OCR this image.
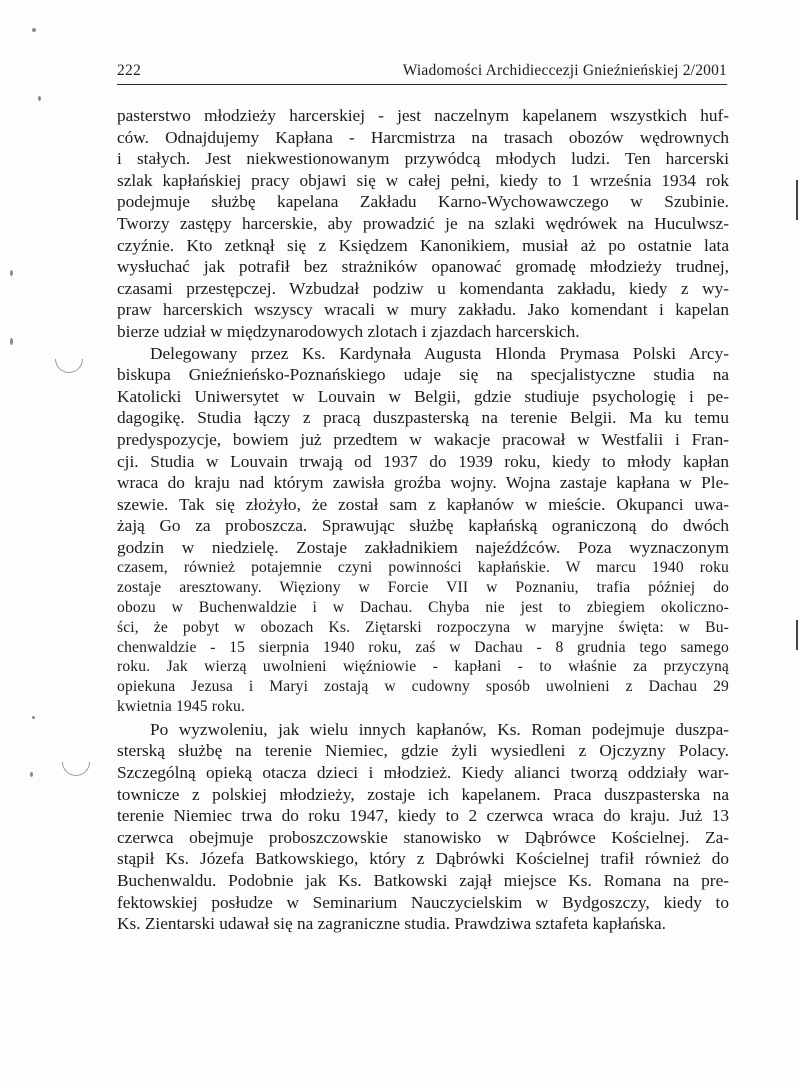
222	Wiadomości Archidieccezji Gnieźnieńskiej 2/2001
pasterstwo młodzieży harcerskiej - jest naczelnym kapelanem wszystkich huf-
ców. Odnajdujemy Kapłana - Harcmistrza na trasach obozów wędrownych
i stałych. Jest niekwestionowanym przywódcą młodych ludzi. Ten harcerski
szlak kapłańskiej pracy objawi się w całej pełni, kiedy to 1 września 1934 rok
podejmuje służbę kapelana Zakładu Karno-Wychowawczego w Szubinie.
Tworzy zastępy harcerskie, aby prowadzić je na szlaki wędrówek na Huculwsz-
czyźnie. Kto zetknął się z Księdzem Kanonikiem, musiał aż po ostatnie lata
wysłuchać jak potrafił bez strażników opanować gromadę młodzieży trudnej,
czasami przestępczej. Wzbudzał podziw u komendanta zakładu, kiedy z wy-
praw harcerskich wszyscy wracali w mury zakładu. Jako komendant i kapelan
bierze udział w międzynarodowych zlotach i zjazdach harcerskich.
Delegowany przez Ks. Kardynała Augusta Hlonda Prymasa Polski Arcy-
biskupa Gnieźnieńsko-Poznańskiego udaje się na specjalistyczne studia na
Katolicki Uniwersytet w Louvain w Belgii, gdzie studiuje psychologię i pe-
dagogikę. Studia łączy z pracą duszpasterską na terenie Belgii. Ma ku temu
predyspozycje, bowiem już przedtem w wakacje pracował w Westfalii i Fran-
cji. Studia w Louvain trwają od 1937 do 1939 roku, kiedy to młody kapłan
wraca do kraju nad którym zawisła groźba wojny. Wojna zastaje kapłana w Ple-
szewie. Tak się złożyło, że został sam z kapłanów w mieście. Okupanci uwa-
żają Go za proboszcza. Sprawując służbę kapłańską ograniczoną do dwóch
godzin w niedzielę. Zostaje zakładnikiem najeźdźców. Poza wyznaczonym
czasem, również potajemnie czyni powinności kapłańskie. W marcu 1940 roku
zostaje aresztowany. Więziony w Forcie VII w Poznaniu, trafia później do
obozu w Buchenwaldzie i w Dachau. Chyba nie jest to zbiegiem okoliczno-
ści, że pobyt w obozach Ks. Ziętarski rozpoczyna w maryjne święta: w Bu-
chenwaldzie - 15 sierpnia 1940 roku, zaś w Dachau - 8 grudnia tego samego
roku. Jak wierzą uwolnieni więźniowie - kapłani - to właśnie za przyczyną
opiekuna Jezusa i Maryi zostają w cudowny sposób uwolnieni z Dachau 29
kwietnia 1945 roku.
Po wyzwoleniu, jak wielu innych kapłanów, Ks. Roman podejmuje duszpa-
sterską służbę na terenie Niemiec, gdzie żyli wysiedleni z Ojczyzny Polacy.
Szczególną opieką otacza dzieci i młodzież. Kiedy alianci tworzą oddziały war-
townicze z polskiej młodzieży, zostaje ich kapelanem. Praca duszpasterska na
terenie Niemiec trwa do roku 1947, kiedy to 2 czerwca wraca do kraju. Już 13
czerwca obejmuje proboszczowskie stanowisko w Dąbrówce Kościelnej. Za-
stąpił Ks. Józefa Batkowskiego, który z Dąbrówki Kościelnej trafił również do
Buchenwaldu. Podobnie jak Ks. Batkowski zajął miejsce Ks. Romana na pre-
fektowskiej posłudze w Seminarium Nauczycielskim w Bydgoszczy, kiedy to
Ks. Zientarski udawał się na zagraniczne studia. Prawdziwa sztafeta kapłańska.
